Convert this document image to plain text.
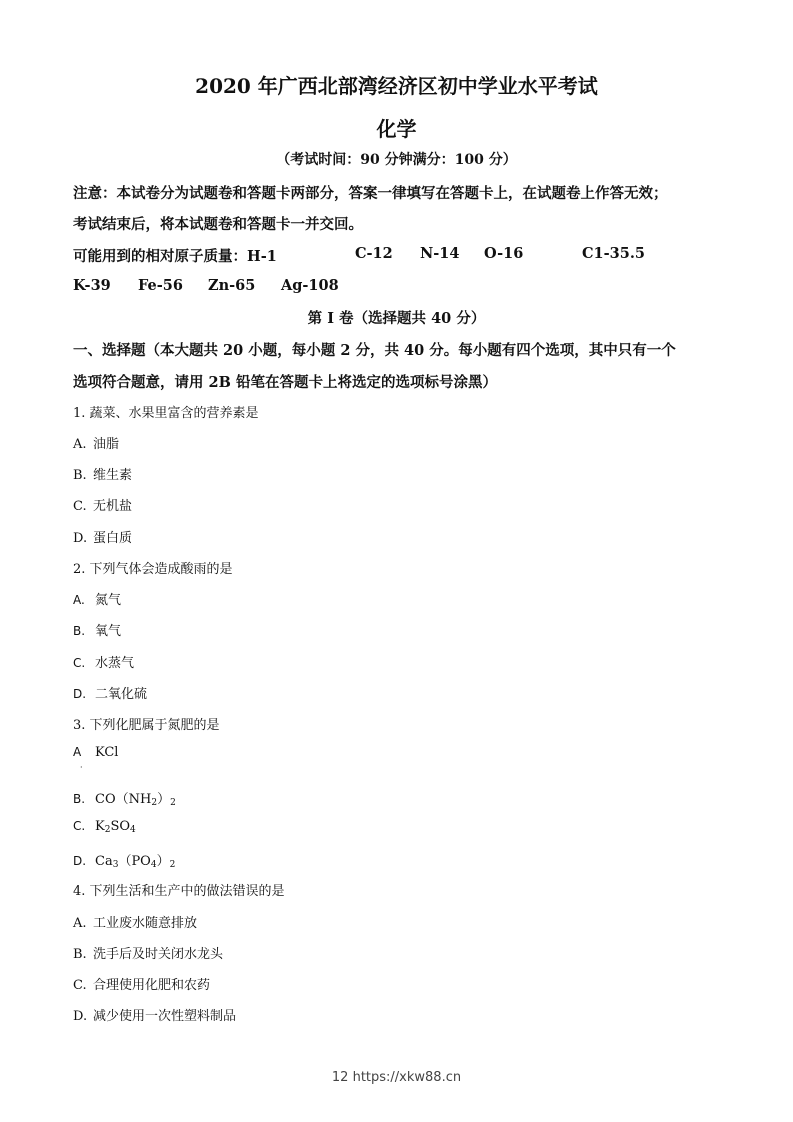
2020 年广西北部湾经济区初中学业水平考试
化学
（考试时间：90 分钟满分：100 分）
注意：本试卷分为试题卷和答题卡两部分，答案一律填写在答题卡上，在试题卷上作答无效；
考试结束后，将本试题卷和答题卡一并交回。
可能用到的相对原子质量：H-1	C-12 N-14 O-16	C1-35.5
K-39 Fe-56 Zn-65 Ag-108
第 I 卷（选择题共 40 分）
一、选择题（本大题共 20 小题，每小题 2 分，共 40 分。每小题有四个选项，其中只有一个
选项符合题意，请用 2B 铅笔在答题卡上将选定的选项标号涂黑）
1. 蔬菜、水果里富含的营养素是
A. 油脂
B. 维生素
C. 无机盐
D. 蛋白质
2. 下列气体会造成酸雨的是
A. 氮气
B. 氧气
C. 水蒸气
D. 二氧化硫
3. 下列化肥属于氮肥的是
A KCl
·
B. $CO(NH_2)_2$
C. $K_2SO_4$
D. $Ca_3(PO_4)_2$
4. 下列生活和生产中的做法错误的是
A. 工业废水随意排放
B. 洗手后及时关闭水龙头
C. 合理使用化肥和农药
D. 减少使用一次性塑料制品
12 https://xkw88.cn
